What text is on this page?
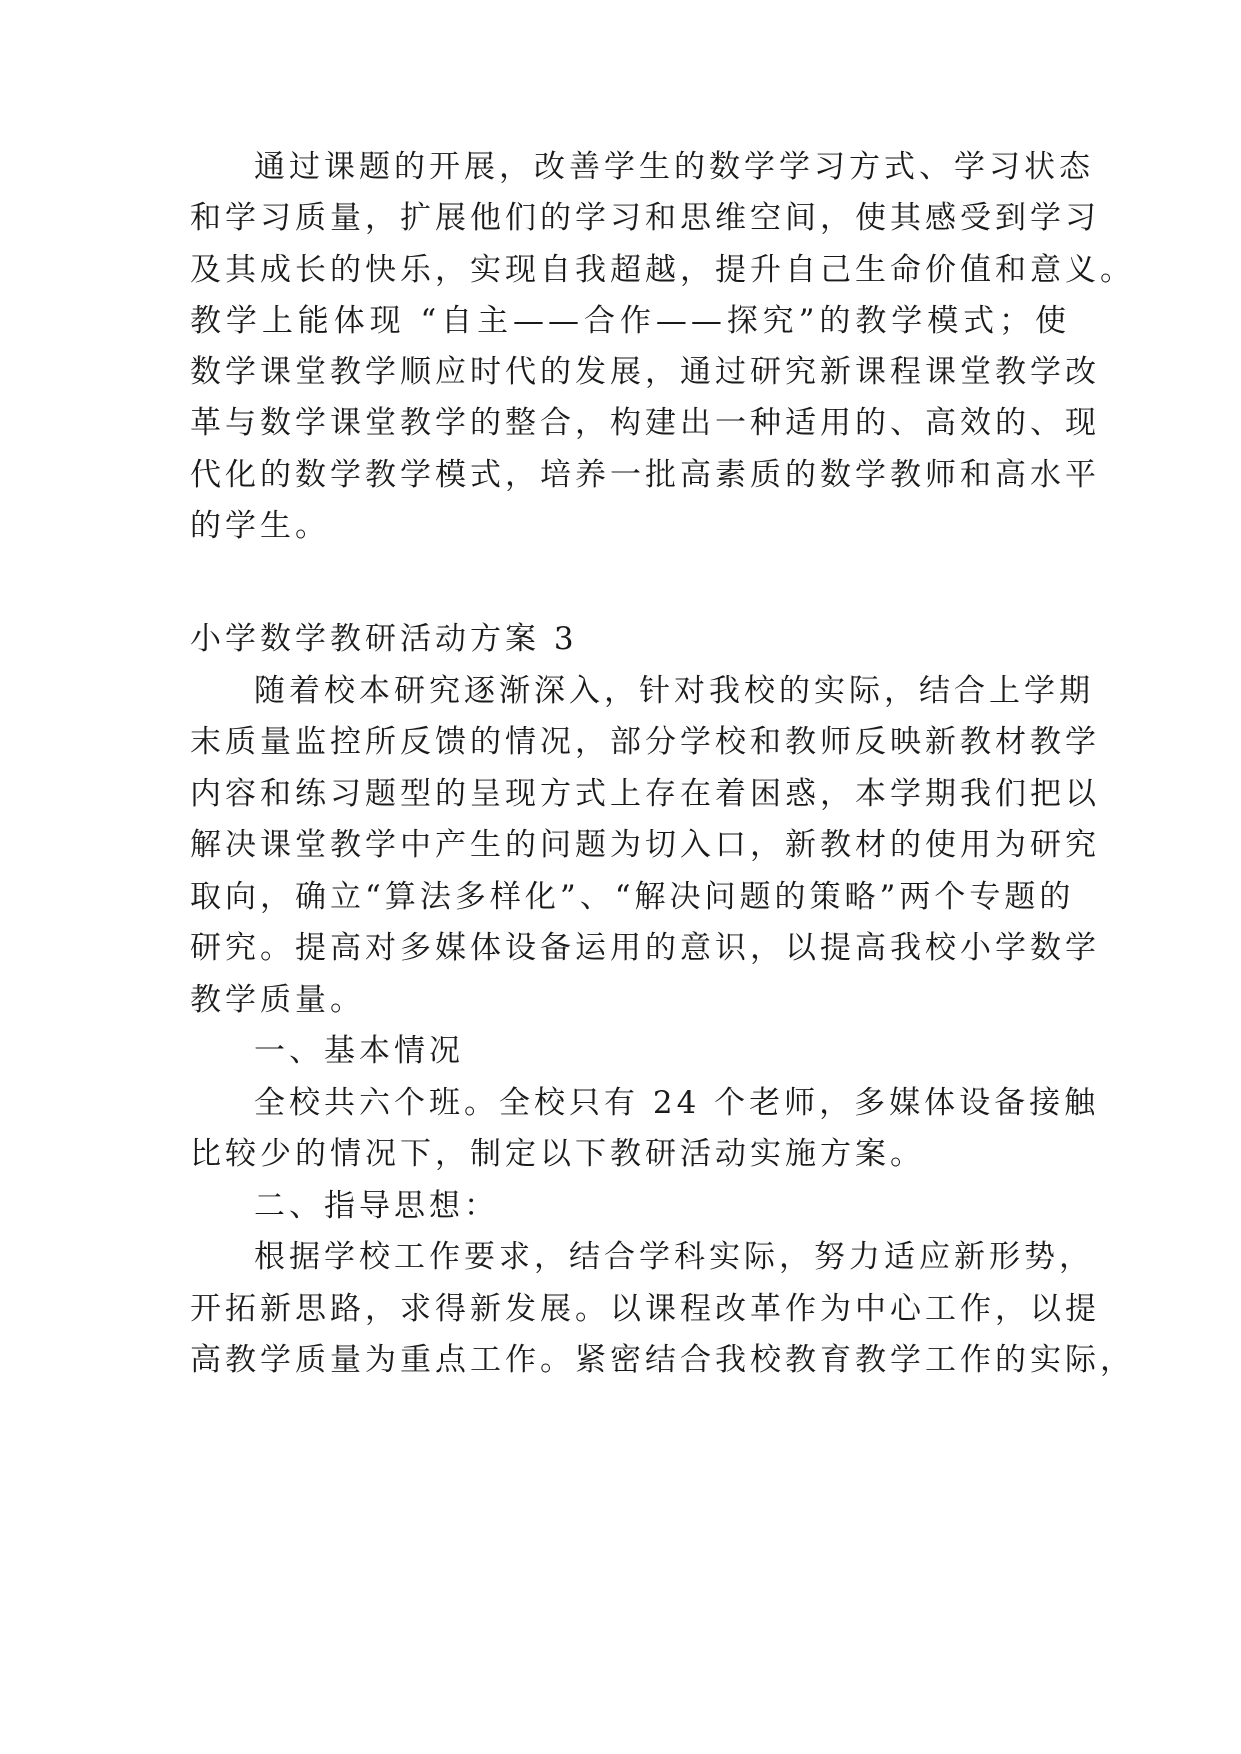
通过课题的开展，改善学生的数学学习方式、学习状态
和学习质量，扩展他们的学习和思维空间，使其感受到学习
及其成长的快乐，实现自我超越，提升自己生命价值和意义。
教学上能体现 “自主——合作——探究”的教学模式；使
数学课堂教学顺应时代的发展，通过研究新课程课堂教学改
革与数学课堂教学的整合，构建出一种适用的、高效的、现
代化的数学教学模式，培养一批高素质的数学教师和高水平
的学生。
小学数学教研活动方案 3
随着校本研究逐渐深入，针对我校的实际，结合上学期
末质量监控所反馈的情况，部分学校和教师反映新教材教学
内容和练习题型的呈现方式上存在着困惑，本学期我们把以
解决课堂教学中产生的问题为切入口，新教材的使用为研究
取向，确立“算法多样化”、“解决问题的策略”两个专题的
研究。提高对多媒体设备运用的意识，以提高我校小学数学
教学质量。
一、基本情况
全校共六个班。全校只有 24 个老师，多媒体设备接触
比较少的情况下，制定以下教研活动实施方案。
二、指导思想：
根据学校工作要求，结合学科实际，努力适应新形势，
开拓新思路，求得新发展。以课程改革作为中心工作，以提
高教学质量为重点工作。紧密结合我校教育教学工作的实际，
